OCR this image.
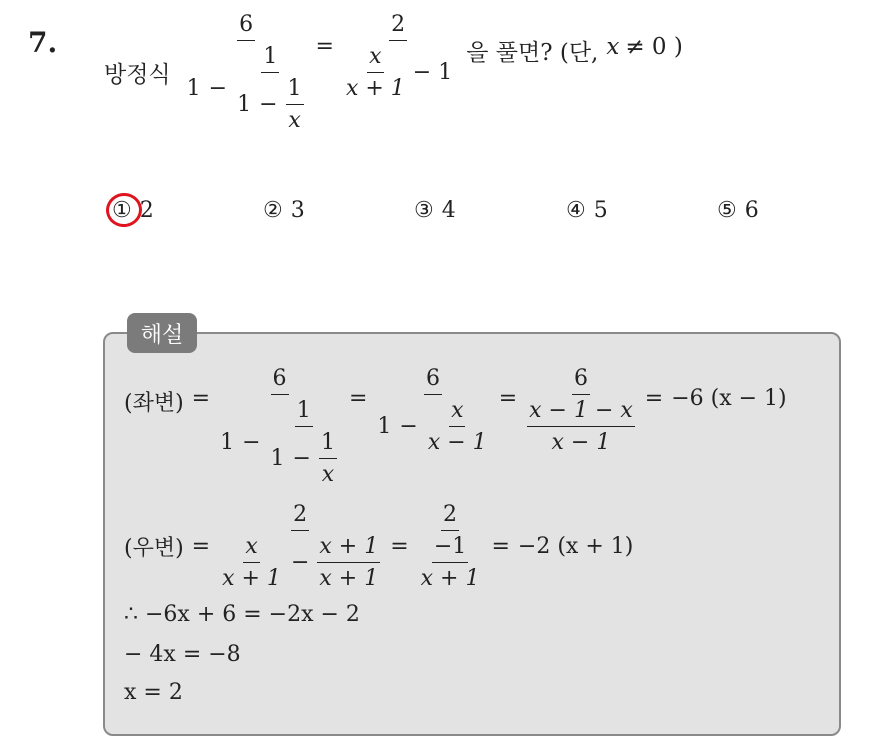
7.
방정식
6
$1 - \frac{1}{1 - \frac{1}{x}} = \frac{2}{\frac{x}{x + 1} - 1}$ 을 풀면? (단, x ≠ 0 )
① 2	② 3	③ 4	④ 5	⑤ 6
해설
(좌변) =
6
$1 - \frac{1}{1 - \frac{1}{x}} = \frac{6}{1 - \frac{x}{x - 1}} = \frac{6}{\frac{x - 1 - x}{x - 1}} = -6$ (x − 1)
(우변) =
2
$\frac{x}{x + 1} - \frac{x + 1}{x + 1} = \frac{2}{\frac{-1}{x + 1}} = -2$ (x + 1)
∴ −6x + 6 = −2x − 2
− 4x = −8
x = 2
